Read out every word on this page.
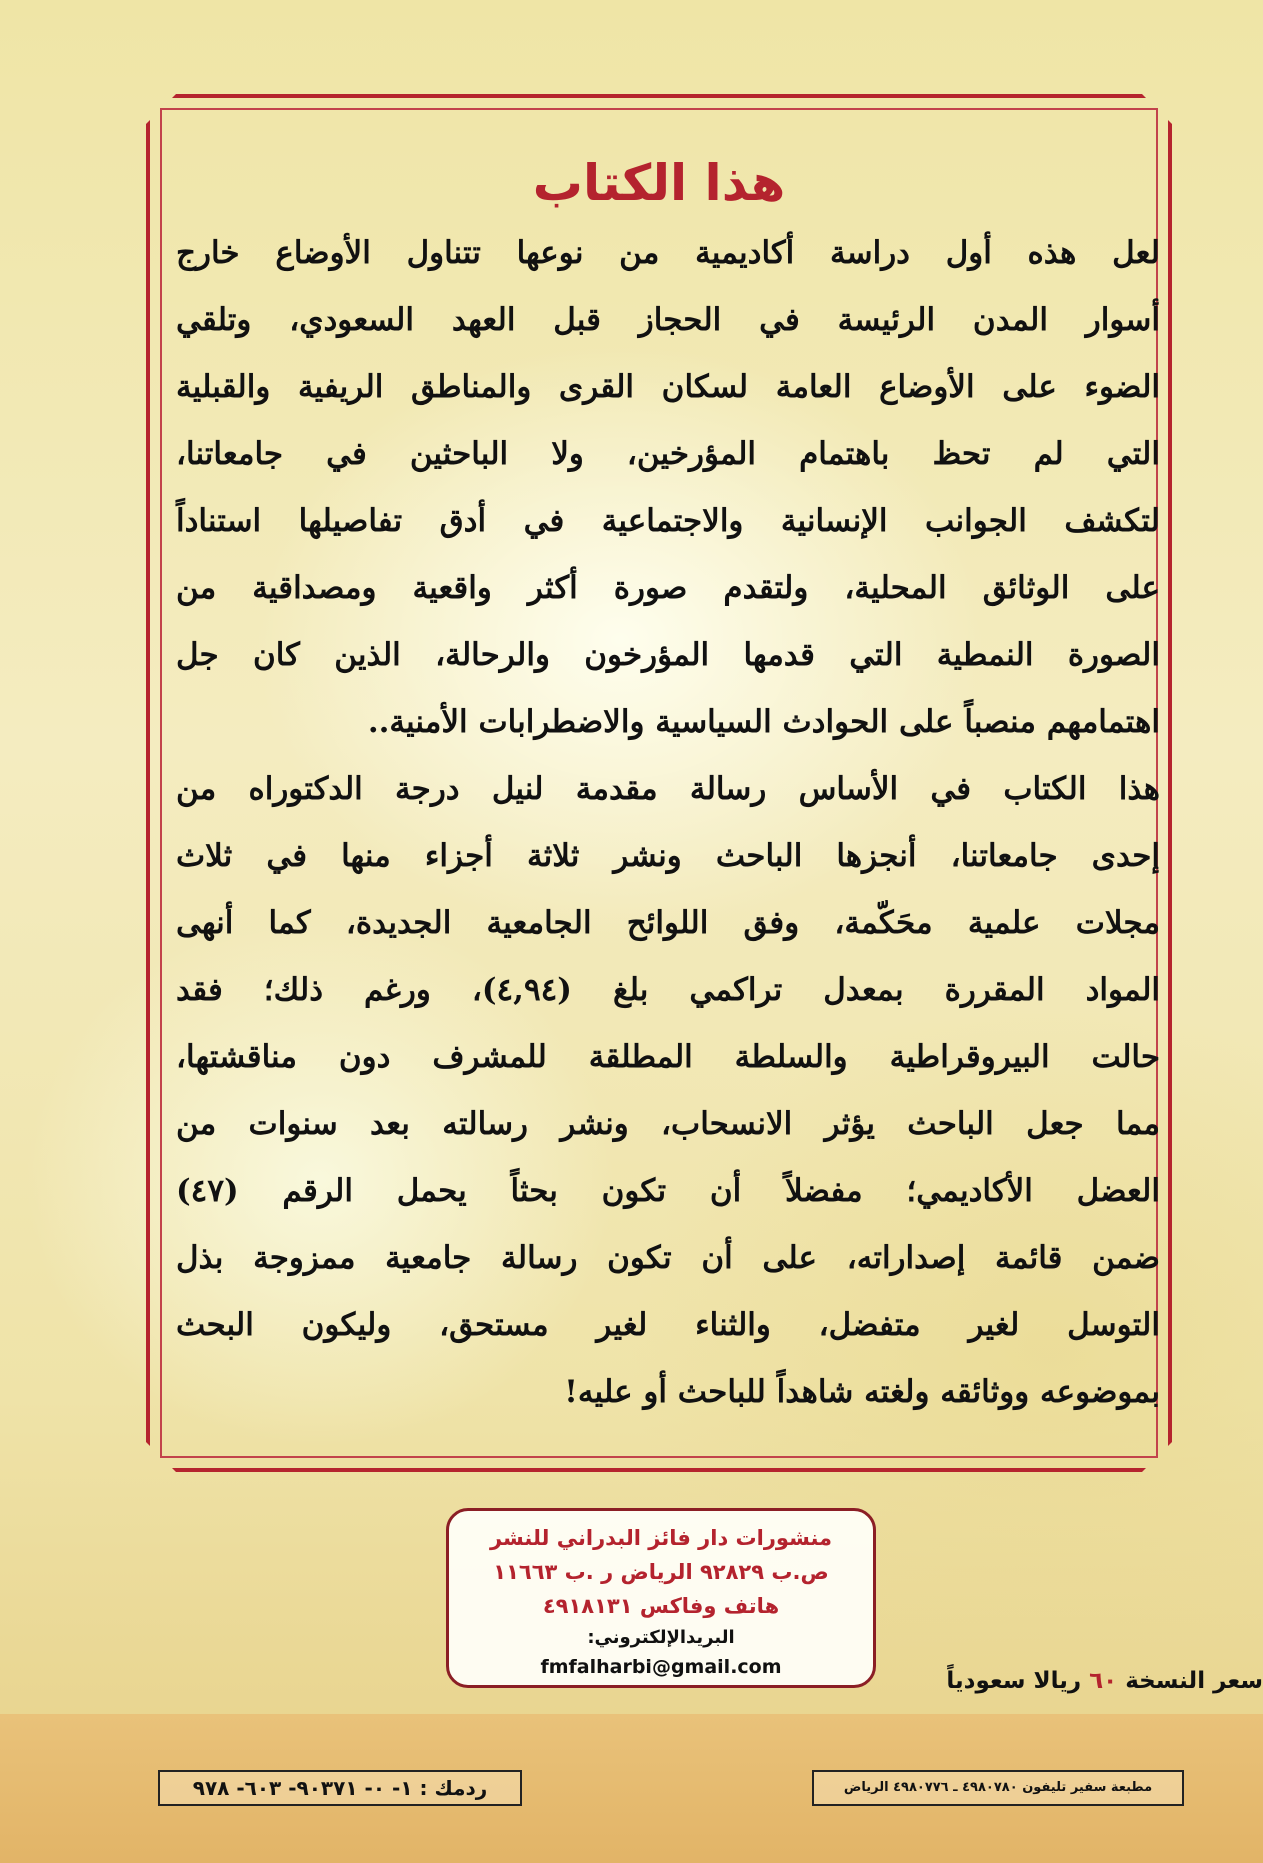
هذا الكتاب
لعل هذه أول دراسة أكاديمية من نوعها تتناول الأوضاع خارج
أسوار المدن الرئيسة في الحجاز قبل العهد السعودي، وتلقي
الضوء على الأوضاع العامة لسكان القرى والمناطق الريفية والقبلية
التي لم تحظ باهتمام المؤرخين، ولا الباحثين في جامعاتنا،
لتكشف الجوانب الإنسانية والاجتماعية في أدق تفاصيلها استناداً
على الوثائق المحلية، ولتقدم صورة أكثر واقعية ومصداقية من
الصورة النمطية التي قدمها المؤرخون والرحالة، الذين كان جل
اهتمامهم منصباً على الحوادث السياسية والاضطرابات الأمنية..
هذا الكتاب في الأساس رسالة مقدمة لنيل درجة الدكتوراه من
إحدى جامعاتنا، أنجزها الباحث ونشر ثلاثة أجزاء منها في ثلاث
مجلات علمية محَكّمة، وفق اللوائح الجامعية الجديدة، كما أنهى
المواد المقررة بمعدل تراكمي بلغ (٤,٩٤)، ورغم ذلك؛ فقد
حالت البيروقراطية والسلطة المطلقة للمشرف دون مناقشتها،
مما جعل الباحث يؤثر الانسحاب، ونشر رسالته بعد سنوات من
العضل الأكاديمي؛ مفضلاً أن تكون بحثاً يحمل الرقم (٤٧)
ضمن قائمة إصداراته، على أن تكون رسالة جامعية ممزوجة بذل
التوسل لغير متفضل، والثناء لغير مستحق، وليكون البحث
بموضوعه ووثائقه ولغته شاهداً للباحث أو عليه!
منشورات دار فائز البدراني للنشر
ص.ب ٩٢٨٢٩ الرياض ر .ب ١١٦٦٣
هاتف وفاكس ٤٩١٨١٣١
البريدالإلكتروني:
fmfalharbi@gmail.com
سعر النسخة ٦٠ ريالا سعودياً
ردمك : ١- ٠- ٩٠٣٧١- ٦٠٣- ٩٧٨	مطبعة سفير تليفون ٤٩٨٠٧٨٠ ـ ٤٩٨٠٧٧٦ الرياض
